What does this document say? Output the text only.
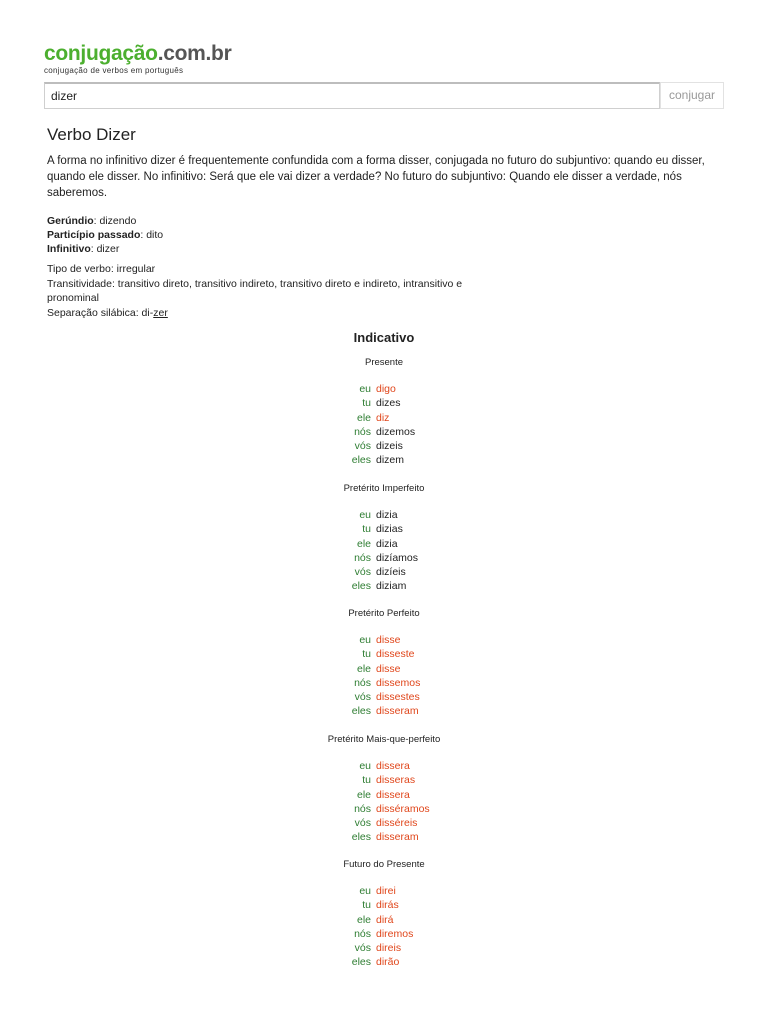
conjugação.com.br
conjugação de verbos em português
dizer
conjugar
Verbo Dizer

A forma no infinitivo dizer é frequentemente confundida com a forma disser, conjugada no futuro do subjuntivo: quando eu disser, quando ele disser. No infinitivo: Será que ele vai dizer a verdade? No futuro do subjuntivo: Quando ele disser a verdade, nós saberemos.

Gerúndio: dizendo
Particípio passado: dito
Infinitivo: dizer
Tipo de verbo: irregular
Transitividade: transitivo direto, transitivo indireto, transitivo direto e indireto, intransitivo e pronominal
Separação silábica: di-zer
Indicativo
Presente
eu digo
tu dizes
ele diz
nós dizemos
vós dizeis
eles dizem
Pretérito Imperfeito
eu dizia
tu dizias
ele dizia
nós dizíamos
vós dizíeis
eles diziam
Pretérito Perfeito
eu disse
tu disseste
ele disse
nós dissemos
vós dissestes
eles disseram
Pretérito Mais-que-perfeito
eu dissera
tu disseras
ele dissera
nós disséramos
vós disséreis
eles disseram
Futuro do Presente
eu direi
tu dirás
ele dirá
nós diremos
vós direis
eles dirão
